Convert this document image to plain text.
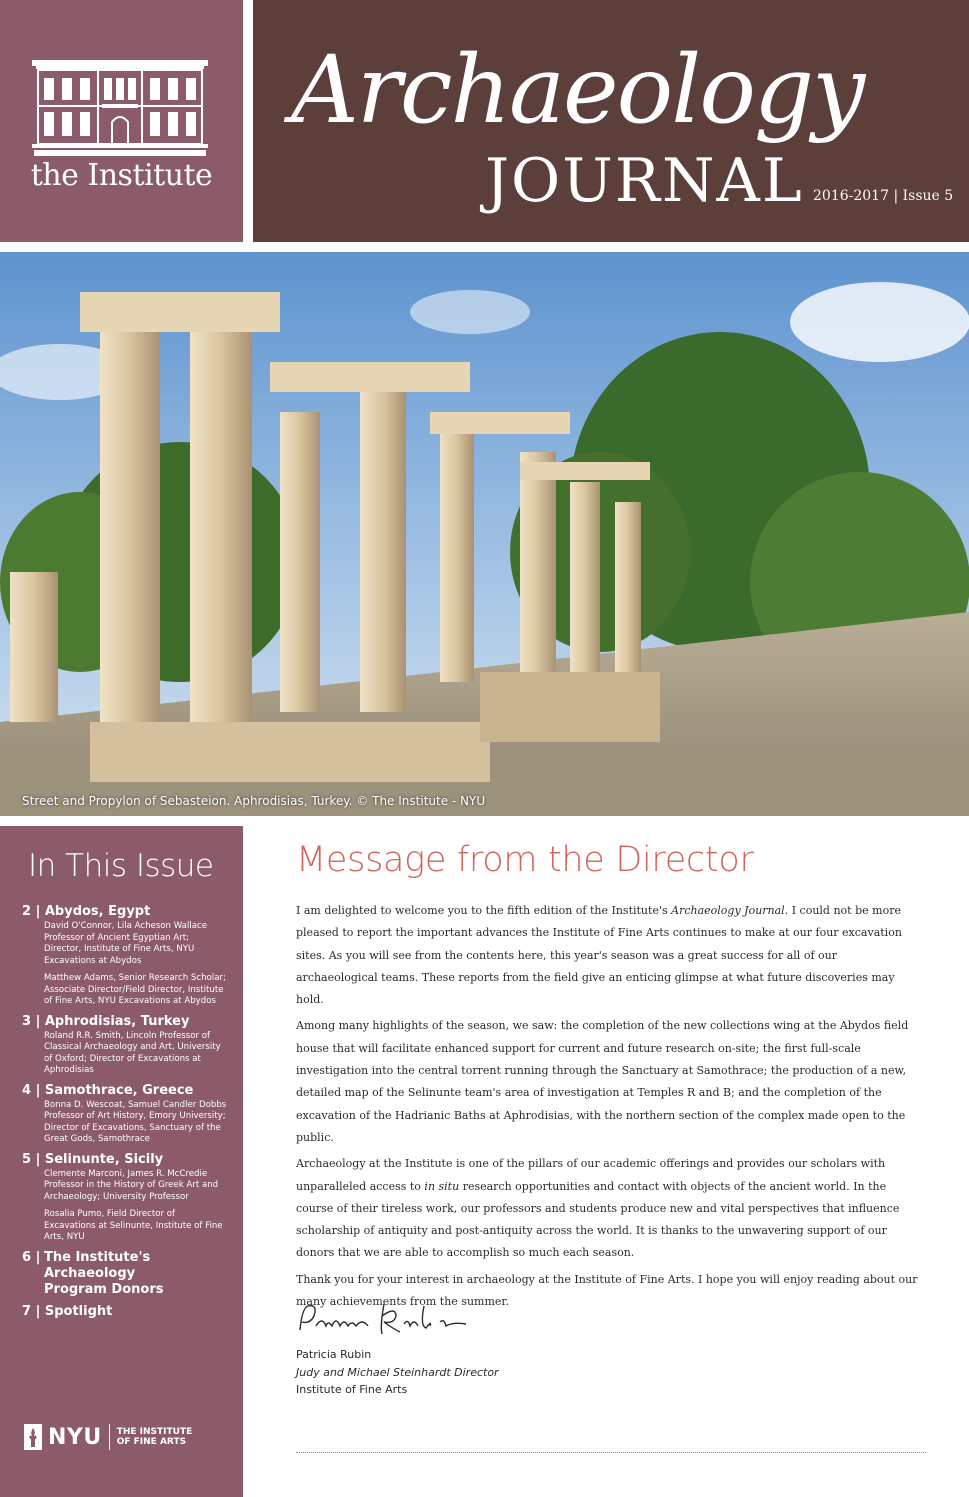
the Institute
Archaeology
JOURNAL 2016-2017 | Issue 5
Street and Propylon of Sebasteion. Aphrodisias, Turkey. © The Institute - NYU
In This Issue
2 | Abydos, Egypt
David O'Connor, Lila Acheson Wallace Professor of Ancient Egyptian Art; Director, Institute of Fine Arts, NYU Excavations at Abydos
Matthew Adams, Senior Research Scholar; Associate Director/Field Director, Institute of Fine Arts, NYU Excavations at Abydos
3 | Aphrodisias, Turkey
Roland R.R. Smith, Lincoln Professor of Classical Archaeology and Art, University of Oxford; Director of Excavations at Aphrodisias
4 | Samothrace, Greece
Bonna D. Wescoat, Samuel Candler Dobbs Professor of Art History, Emory University; Director of Excavations, Sanctuary of the Great Gods, Samothrace
5 | Selinunte, Sicily
Clemente Marconi, James R. McCredie Professor in the History of Greek Art and Archaeology; University Professor
Rosalia Pumo, Field Director of Excavations at Selinunte, Institute of Fine Arts, NYU
6 | The Institute's Archaeology Program Donors
7 | Spotlight
NYU THE INSTITUTE
OF FINE ARTS
Message from the Director

I am delighted to welcome you to the fifth edition of the Institute's Archaeology Journal. I could not be more pleased to report the important advances the Institute of Fine Arts continues to make at our four excavation sites. As you will see from the contents here, this year's season was a great success for all of our archaeological teams. These reports from the field give an enticing glimpse at what future discoveries may hold.

Among many highlights of the season, we saw: the completion of the new collections wing at the Abydos field house that will facilitate enhanced support for current and future research on-site; the first full-scale investigation into the central torrent running through the Sanctuary at Samothrace; the production of a new, detailed map of the Selinunte team's area of investigation at Temples R and B; and the completion of the excavation of the Hadrianic Baths at Aphrodisias, with the northern section of the complex made open to the public.

Archaeology at the Institute is one of the pillars of our academic offerings and provides our scholars with unparalleled access to in situ research opportunities and contact with objects of the ancient world. In the course of their tireless work, our professors and students produce new and vital perspectives that influence scholarship of antiquity and post-antiquity across the world. It is thanks to the unwavering support of our donors that we are able to accomplish so much each season.

Thank you for your interest in archaeology at the Institute of Fine Arts. I hope you will enjoy reading about our many achievements from the summer.

Patricia Rubin
Judy and Michael Steinhardt Director
Institute of Fine Arts
